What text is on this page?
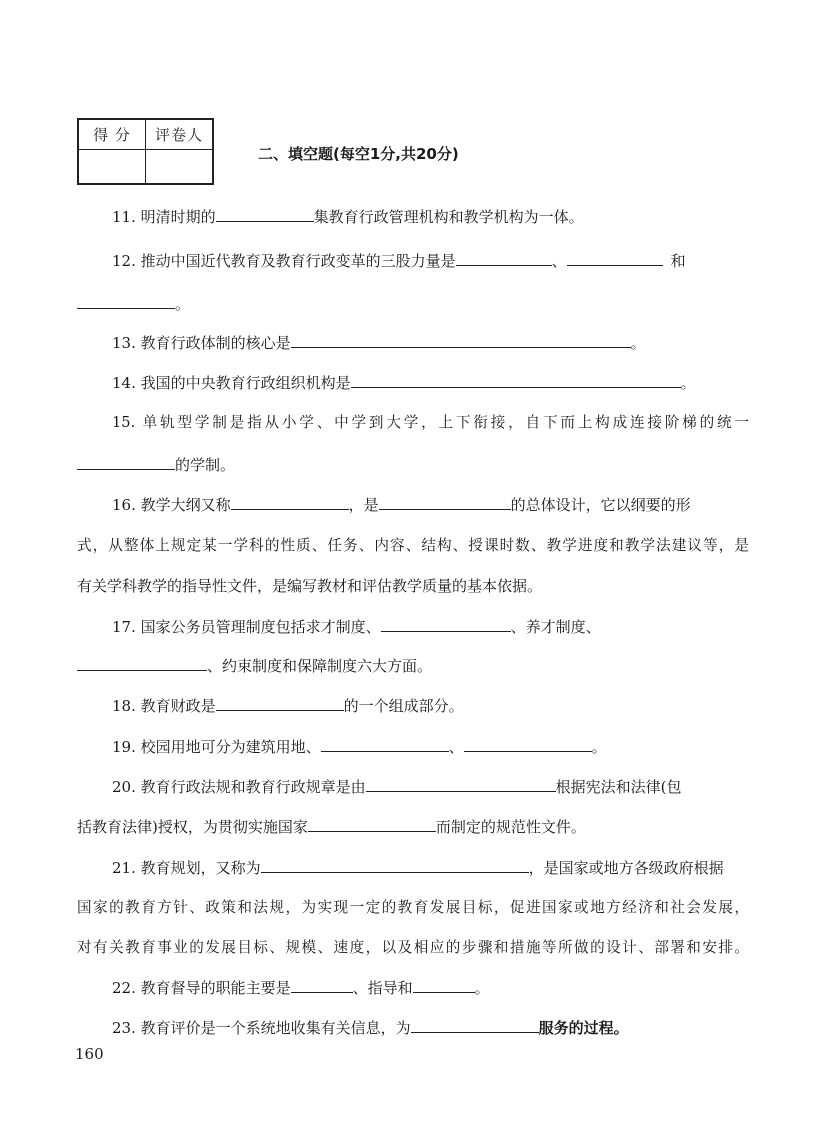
得 分	评卷人

二、填空题(每空1分,共20分)
11. 明清时期的	集教育行政管理机构和教学机构为一体。
12. 推动中国近代教育及教育行政变革的三股力量是	、	和
。
13. 教育行政体制的核心是	。
14. 我国的中央教育行政组织机构是	。
15. 单轨型学制是指从小学、中学到大学，上下衔接，自下而上构成连接阶梯的统一
的学制。
16. 教学大纲又称	，是	的总体设计，它以纲要的形
式，从整体上规定某一学科的性质、任务、内容、结构、授课时数、教学进度和教学法建议等，是
有关学科教学的指导性文件，是编写教材和评估教学质量的基本依据。
17. 国家公务员管理制度包括求才制度、	、养才制度、
、约束制度和保障制度六大方面。
18. 教育财政是	的一个组成部分。
19. 校园用地可分为建筑用地、	、	。
20. 教育行政法规和教育行政规章是由	根据宪法和法律(包
括教育法律)授权，为贯彻实施国家	而制定的规范性文件。
21. 教育规划，又称为	，是国家或地方各级政府根据
国家的教育方针、政策和法规，为实现一定的教育发展目标，促进国家或地方经济和社会发展，
对有关教育事业的发展目标、规模、速度，以及相应的步骤和措施等所做的设计、部署和安排。
22. 教育督导的职能主要是	、指导和	。
23. 教育评价是一个系统地收集有关信息，为	服务的过程。
160
